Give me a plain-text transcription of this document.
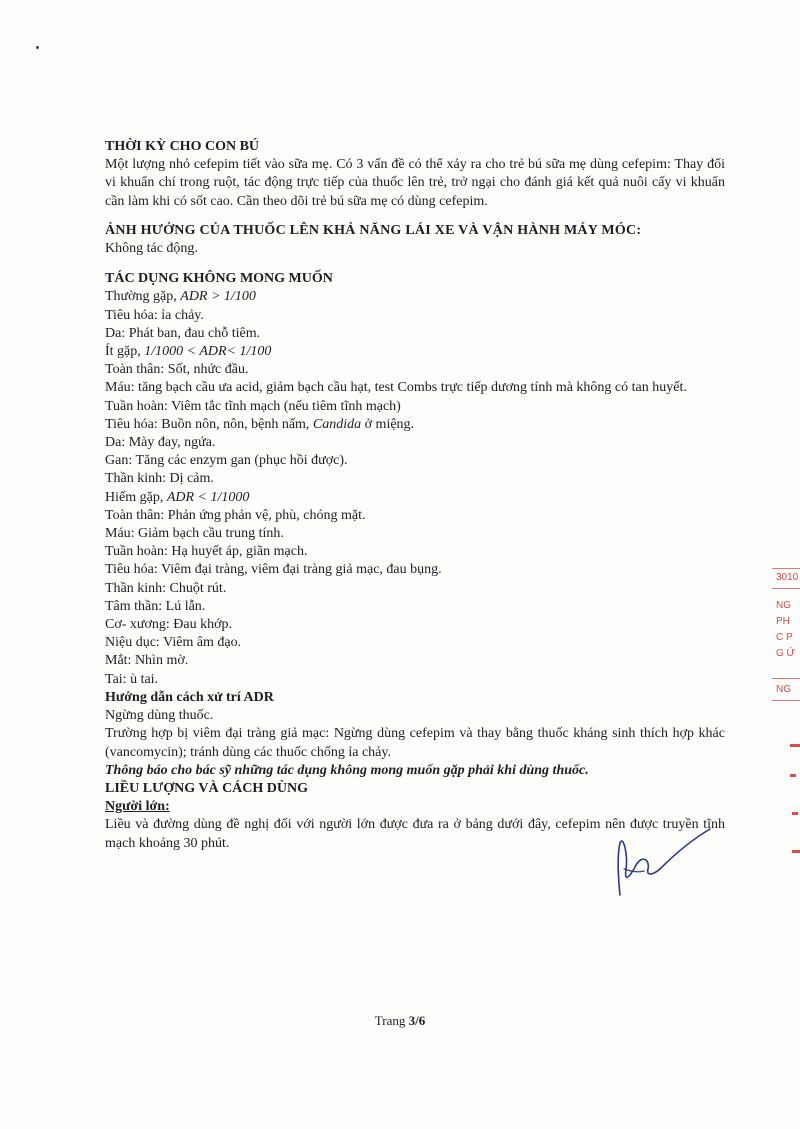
THỜI KỲ CHO CON BÚ

Một lượng nhỏ cefepim tiết vào sữa mẹ. Có 3 vấn đề có thể xảy ra cho trẻ bú sữa mẹ dùng cefepim: Thay đổi vi khuẩn chí trong ruột, tác động trực tiếp của thuốc lên trẻ, trở ngại cho đánh giá kết quả nuôi cấy vi khuẩn cần làm khi có sốt cao. Cần theo dõi trẻ bú sữa mẹ có dùng cefepim.

ẢNH HƯỞNG CỦA THUỐC LÊN KHẢ NĂNG LÁI XE VÀ VẬN HÀNH MÁY MÓC:

Không tác động.

TÁC DỤNG KHÔNG MONG MUỐN

Thường gặp, ADR > 1/100

Tiêu hóa: ỉa chảy.

Da: Phát ban, đau chỗ tiêm.

Ít gặp, 1/1000 < ADR< 1/100

Toàn thân: Sốt, nhức đầu.

Máu: tăng bạch cầu ưa acid, giảm bạch cầu hạt, test Combs trực tiếp dương tính mà không có tan huyết.

Tuần hoàn: Viêm tắc tĩnh mạch (nếu tiêm tĩnh mạch)

Tiêu hóa: Buồn nôn, nôn, bệnh nấm, Candida ở miệng.

Da: Mày đay, ngứa.

Gan: Tăng các enzym gan (phục hồi được).

Thần kinh: Dị cảm.

Hiếm gặp, ADR < 1/1000

Toàn thân: Phản ứng phản vệ, phù, chóng mặt.

Máu: Giảm bạch cầu trung tính.

Tuần hoàn: Hạ huyết áp, giãn mạch.

Tiêu hóa: Viêm đại tràng, viêm đại tràng giả mạc, đau bụng.

Thần kinh: Chuột rút.

Tâm thần: Lú lẫn.

Cơ- xương: Đau khớp.

Niệu dục: Viêm âm đạo.

Mắt: Nhìn mờ.

Tai: ù tai.

Hướng dẫn cách xử trí ADR

Ngừng dùng thuốc.

Trường hợp bị viêm đại tràng giả mạc: Ngừng dùng cefepim và thay bằng thuốc kháng sinh thích hợp khác (vancomycin); tránh dùng các thuốc chống ỉa chảy.

Thông báo cho bác sỹ những tác dụng không mong muốn gặp phải khi dùng thuốc.

LIỀU LƯỢNG VÀ CÁCH DÙNG

Người lớn:

Liều và đường dùng đề nghị đối với người lớn được đưa ra ở bảng dưới đây, cefepim nên được truyền tĩnh mạch khoảng 30 phút.

Trang 3/6
3010
NG
PH
C P
G Ứ
NG
